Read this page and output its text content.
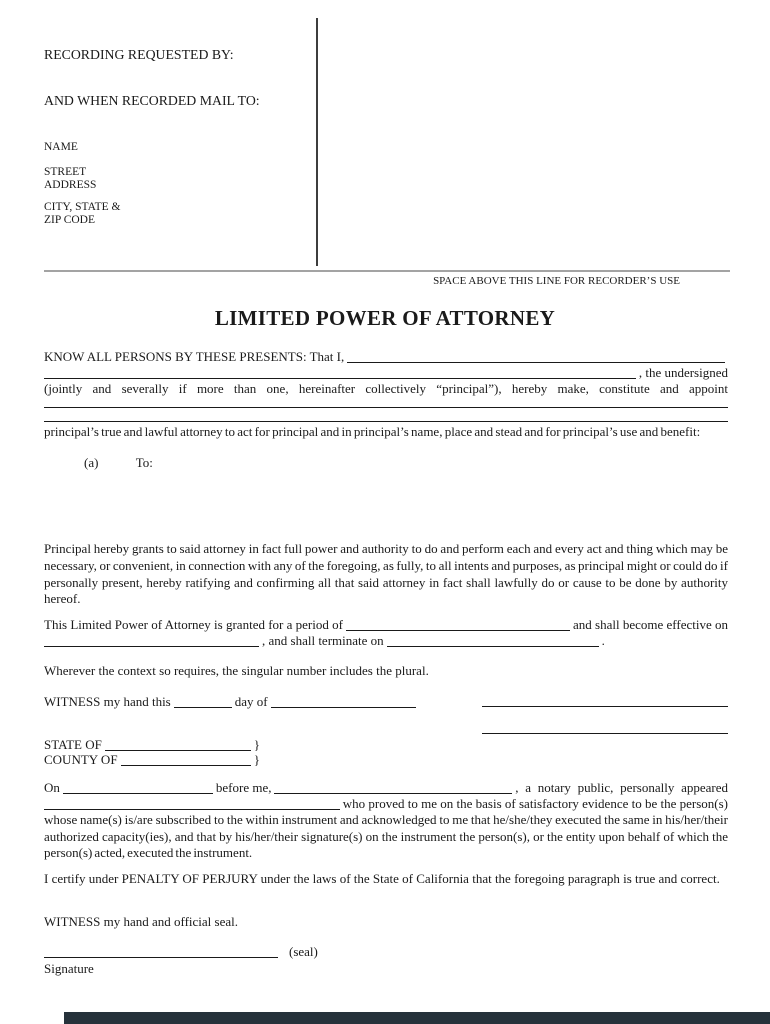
RECORDING REQUESTED BY:
AND WHEN RECORDED MAIL TO:
NAME
STREET
ADDRESS
CITY, STATE &
ZIP CODE
SPACE ABOVE THIS LINE FOR RECORDER’S USE
LIMITED POWER OF ATTORNEY
KNOW ALL PERSONS BY THESE PRESENTS: That I,
, the undersigned
(jointly and severally if more than one, hereinafter collectively “principal”), hereby make, constitute and appoint
principal’s true and lawful attorney to act for principal and in principal’s name, place and stead and for principal’s use and benefit:
(a)	To:
Principal hereby grants to said attorney in fact full power and authority to do and perform each and every act and thing which may be necessary, or convenient, in connection with any of the foregoing, as fully, to all intents and purposes, as principal might or could do if personally present, hereby ratifying and confirming all that said attorney in fact shall lawfully do or cause to be done by authority hereof.
This Limited Power of Attorney is granted for a period of	and shall become effective on
, and shall terminate on	.
Wherever the context so requires, the singular number includes the plural.
WITNESS my hand this	day of
STATE OF	}
COUNTY OF	}
On	before me,	, a notary public, personally appeared
who proved to me on the basis of satisfactory evidence to be the person(s)
whose name(s) is/are subscribed to the within instrument and acknowledged to me that he/she/they executed the same in his/her/their authorized capacity(ies), and that by his/her/their signature(s) on the instrument the person(s), or the entity upon behalf of which the person(s) acted, executed the instrument.
I certify under PENALTY OF PERJURY under the laws of the State of California that the foregoing paragraph is true and correct.
WITNESS my hand and official seal.
(seal)
Signature
